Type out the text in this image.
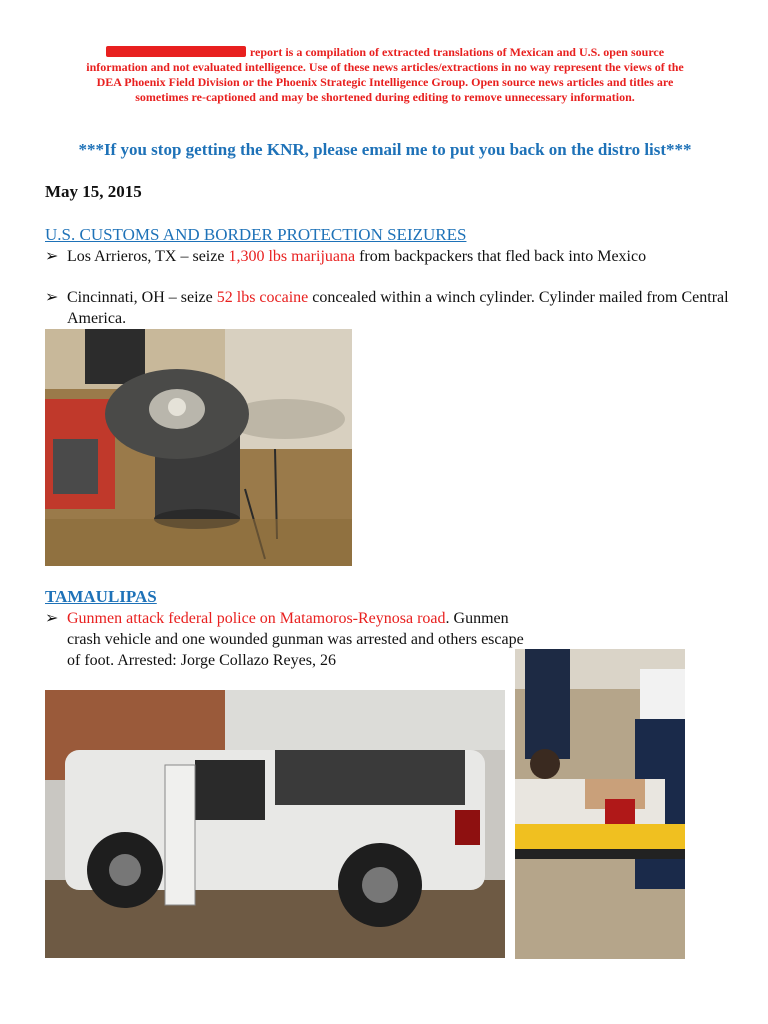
report is a compilation of extracted translations of Mexican and U.S. open source information and not evaluated intelligence. Use of these news articles/extractions in no way represent the views of the DEA Phoenix Field Division or the Phoenix Strategic Intelligence Group. Open source news articles and titles are sometimes re-captioned and may be shortened during editing to remove unnecessary information.
***If you stop getting the KNR, please email me to put you back on the distro list***
May 15, 2015
U.S. CUSTOMS AND BORDER PROTECTION SEIZURES
➢ Los Arrieros, TX – seize 1,300 lbs marijuana from backpackers that fled back into Mexico
➢ Cincinnati, OH – seize 52 lbs cocaine concealed within a winch cylinder. Cylinder mailed from Central America.
TAMAULIPAS
➢ Gunmen attack federal police on Matamoros-Reynosa road. Gunmen crash vehicle and one wounded gunman was arrested and others escape of foot. Arrested: Jorge Collazo Reyes, 26
